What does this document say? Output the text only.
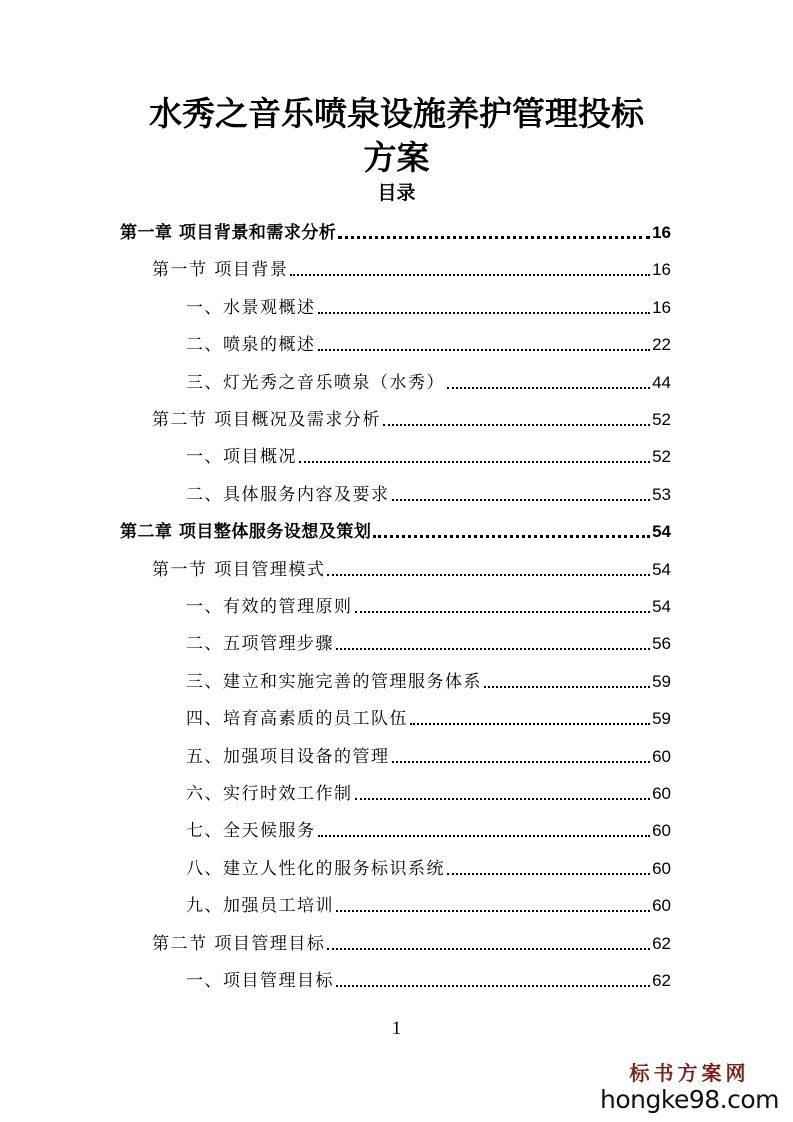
水秀之音乐喷泉设施养护管理投标
方案
目录
第一章 项目背景和需求分析	16
第一节 项目背景	16
一、水景观概述	16
二、喷泉的概述	22
三、灯光秀之音乐喷泉（水秀）	44
第二节 项目概况及需求分析	52
一、项目概况	52
二、具体服务内容及要求	53
第二章 项目整体服务设想及策划	54
第一节 项目管理模式	54
一、有效的管理原则	54
二、五项管理步骤	56
三、建立和实施完善的管理服务体系	59
四、培育高素质的员工队伍	59
五、加强项目设备的管理	60
六、实行时效工作制	60
七、全天候服务	60
八、建立人性化的服务标识系统	60
九、加强员工培训	60
第二节 项目管理目标	62
一、项目管理目标	62
1
标书方案网
hongke98.com
